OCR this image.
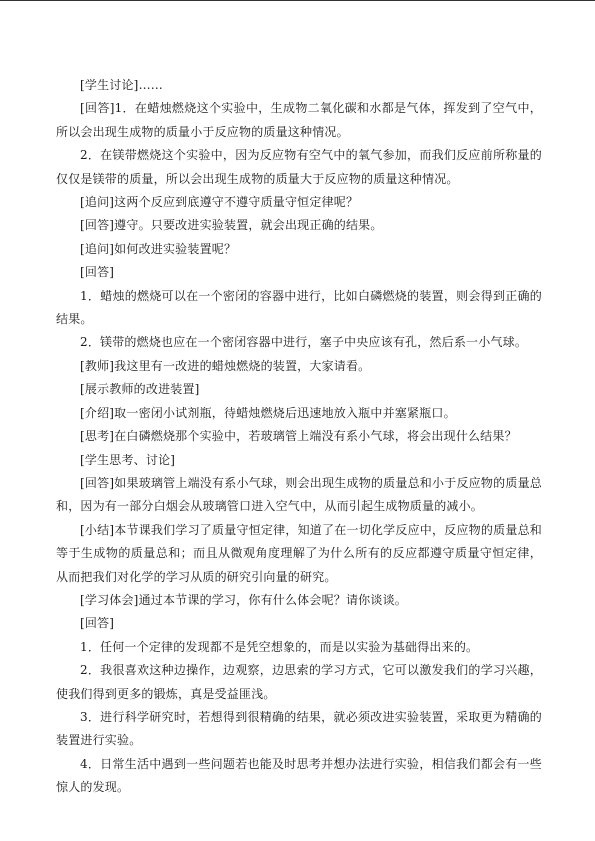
[学生讨论]……

[回答]1．在蜡烛燃烧这个实验中，生成物二氧化碳和水都是气体，挥发到了空气中，所以会出现生成物的质量小于反应物的质量这种情况。

2．在镁带燃烧这个实验中，因为反应物有空气中的氧气参加，而我们反应前所称量的仅仅是镁带的质量，所以会出现生成物的质量大于反应物的质量这种情况。

[追问]这两个反应到底遵守不遵守质量守恒定律呢？

[回答]遵守。只要改进实验装置，就会出现正确的结果。

[追问]如何改进实验装置呢？

[回答]

1．蜡烛的燃烧可以在一个密闭的容器中进行，比如白磷燃烧的装置，则会得到正确的结果。

2．镁带的燃烧也应在一个密闭容器中进行，塞子中央应该有孔，然后系一小气球。

[教师]我这里有一改进的蜡烛燃烧的装置，大家请看。

[展示教师的改进装置]

[介绍]取一密闭小试剂瓶，待蜡烛燃烧后迅速地放入瓶中并塞紧瓶口。

[思考]在白磷燃烧那个实验中，若玻璃管上端没有系小气球，将会出现什么结果？

[学生思考、讨论]

[回答]如果玻璃管上端没有系小气球，则会出现生成物的质量总和小于反应物的质量总和，因为有一部分白烟会从玻璃管口进入空气中，从而引起生成物质量的减小。

[小结]本节课我们学习了质量守恒定律，知道了在一切化学反应中，反应物的质量总和等于生成物的质量总和；而且从微观角度理解了为什么所有的反应都遵守质量守恒定律，从而把我们对化学的学习从质的研究引向量的研究。

[学习体会]通过本节课的学习，你有什么体会呢？请你谈谈。

[回答]

1．任何一个定律的发现都不是凭空想象的，而是以实验为基础得出来的。

2．我很喜欢这种边操作，边观察，边思索的学习方式，它可以激发我们的学习兴趣，使我们得到更多的锻炼，真是受益匪浅。

3．进行科学研究时，若想得到很精确的结果，就必须改进实验装置，采取更为精确的装置进行实验。

4．日常生活中遇到一些问题若也能及时思考并想办法进行实验，相信我们都会有一些惊人的发现。
